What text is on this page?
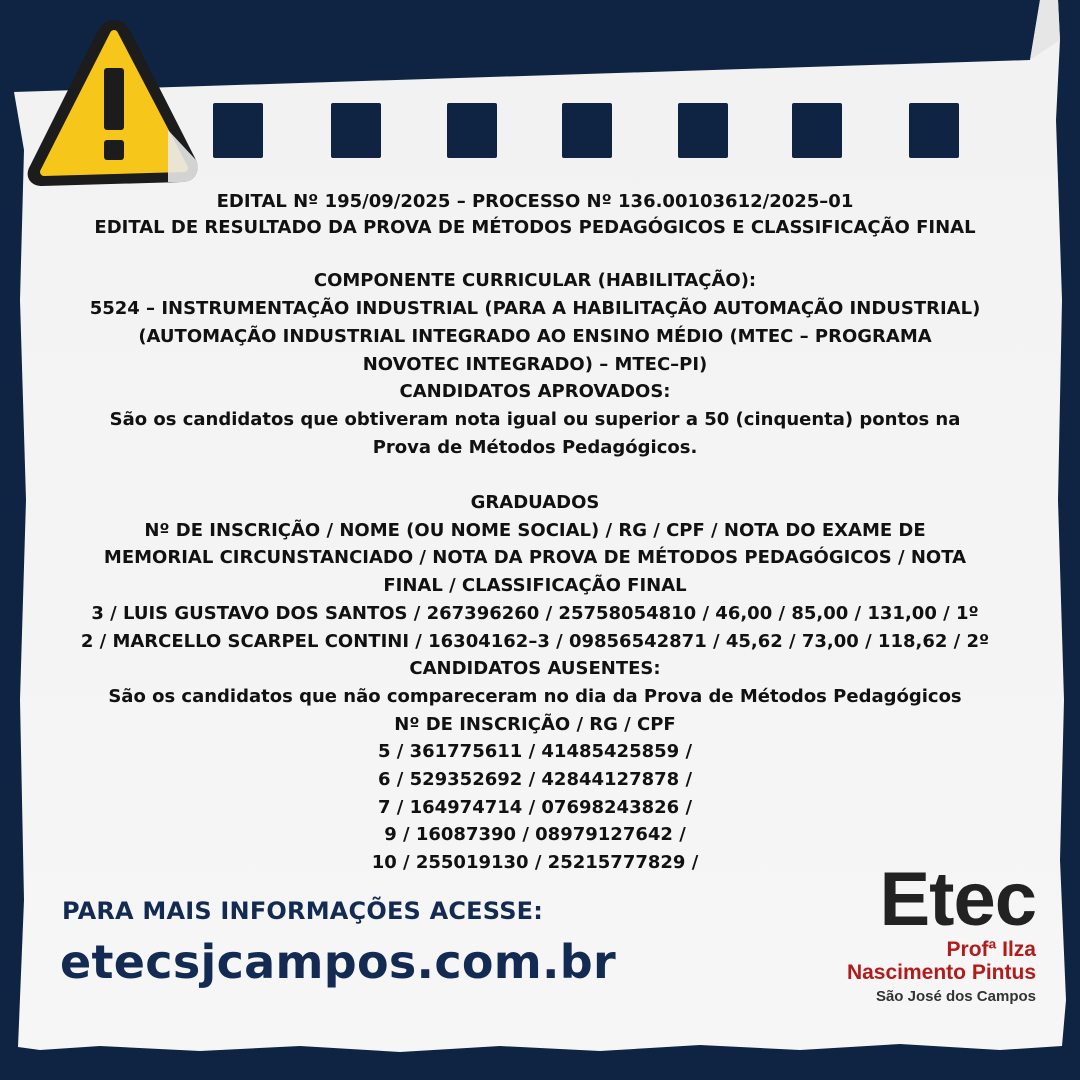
EDITAL Nº 195/09/2025 – PROCESSO Nº 136.00103612/2025–01
EDITAL DE RESULTADO DA PROVA DE MÉTODOS PEDAGÓGICOS E CLASSIFICAÇÃO FINAL
COMPONENTE CURRICULAR (HABILITAÇÃO):
5524 – INSTRUMENTAÇÃO INDUSTRIAL (PARA A HABILITAÇÃO AUTOMAÇÃO INDUSTRIAL)
(AUTOMAÇÃO INDUSTRIAL INTEGRADO AO ENSINO MÉDIO (MTEC – PROGRAMA
NOVOTEC INTEGRADO) – MTEC–PI)
CANDIDATOS APROVADOS:
São os candidatos que obtiveram nota igual ou superior a 50 (cinquenta) pontos na
Prova de Métodos Pedagógicos.
GRADUADOS
Nº DE INSCRIÇÃO / NOME (OU NOME SOCIAL) / RG / CPF / NOTA DO EXAME DE
MEMORIAL CIRCUNSTANCIADO / NOTA DA PROVA DE MÉTODOS PEDAGÓGICOS / NOTA
FINAL / CLASSIFICAÇÃO FINAL
3 / LUIS GUSTAVO DOS SANTOS / 267396260 / 25758054810 / 46,00 / 85,00 / 131,00 / 1º
2 / MARCELLO SCARPEL CONTINI / 16304162–3 / 09856542871 / 45,62 / 73,00 / 118,62 / 2º
CANDIDATOS AUSENTES:
São os candidatos que não compareceram no dia da Prova de Métodos Pedagógicos
Nº DE INSCRIÇÃO / RG / CPF
5 / 361775611 / 41485425859 /
6 / 529352692 / 42844127878 /
7 / 164974714 / 07698243826 /
9 / 16087390 / 08979127642 /
10 / 255019130 / 25215777829 /
PARA MAIS INFORMAÇÕES ACESSE:
etecsjcampos.com.br
Etec
Profª Ilza
Nascimento Pintus
São José dos Campos
